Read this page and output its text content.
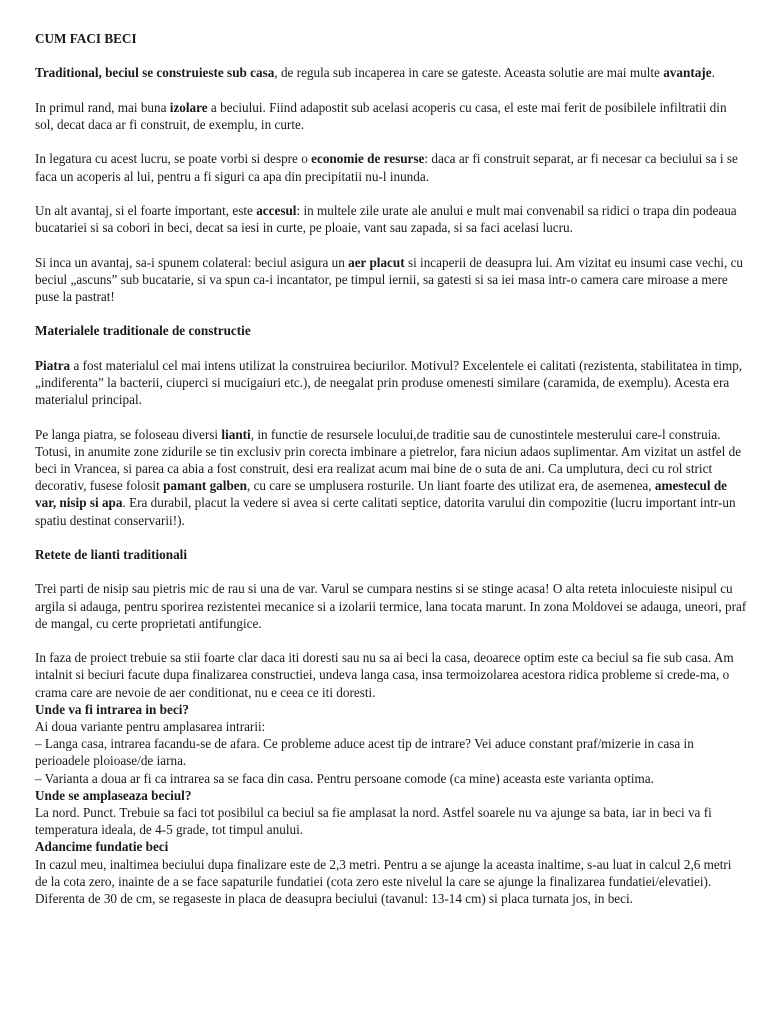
CUM FACI BECI

Traditional, beciul se construieste sub casa, de regula sub incaperea in care se gateste. Aceasta solutie are mai multe avantaje.

In primul rand, mai buna izolare a beciului. Fiind adapostit sub acelasi acoperis cu casa, el este mai ferit de posibilele infiltratii din sol, decat daca ar fi construit, de exemplu, in curte.

In legatura cu acest lucru, se poate vorbi si despre o economie de resurse: daca ar fi construit separat, ar fi necesar ca beciului sa i se faca un acoperis al lui, pentru a fi siguri ca apa din precipitatii nu-l inunda.

Un alt avantaj, si el foarte important, este accesul: in multele zile urate ale anului e mult mai convenabil sa ridici o trapa din podeaua bucatariei si sa cobori in beci, decat sa iesi in curte, pe ploaie, vant sau zapada, si sa faci acelasi lucru.

Si inca un avantaj, sa-i spunem colateral: beciul asigura un aer placut si incaperii de deasupra lui. Am vizitat eu insumi case vechi, cu beciul „ascuns” sub bucatarie, si va spun ca-i incantator, pe timpul iernii, sa gatesti si sa iei masa intr-o camera care miroase a mere puse la pastrat!

Materialele traditionale de constructie

Piatra a fost materialul cel mai intens utilizat la construirea beciurilor. Motivul? Excelentele ei calitati (rezistenta, stabilitatea in timp, „indiferenta” la bacterii, ciuperci si mucigaiuri etc.), de neegalat prin produse omenesti similare (caramida, de exemplu). Acesta era materialul principal.

Pe langa piatra, se foloseau diversi lianti, in functie de resursele locului,de traditie sau de cunostintele mesterului care-l construia. Totusi, in anumite zone zidurile se tin exclusiv prin corecta imbinare a pietrelor, fara niciun adaos suplimentar. Am vizitat un astfel de beci in Vrancea, si parea ca abia a fost construit, desi era realizat acum mai bine de o suta de ani. Ca umplutura, deci cu rol strict decorativ, fusese folosit pamant galben, cu care se umplusera rosturile. Un liant foarte des utilizat era, de asemenea, amestecul de var, nisip si apa. Era durabil, placut la vedere si avea si certe calitati septice, datorita varului din compozitie (lucru important intr-un spatiu destinat conservarii!).

Retete de lianti traditionali

Trei parti de nisip sau pietris mic de rau si una de var. Varul se cumpara nestins si se stinge acasa! O alta reteta inlocuieste nisipul cu argila si adauga, pentru sporirea rezistentei mecanice si a izolarii termice, lana tocata marunt. In zona Moldovei se adauga, uneori, praf de mangal, cu certe proprietati antifungice.

In faza de proiect trebuie sa stii foarte clar daca iti doresti sau nu sa ai beci la casa, deoarece optim este ca beciul sa fie sub casa. Am intalnit si beciuri facute dupa finalizarea constructiei, undeva langa casa, insa termoizolarea acestora ridica probleme si crede-ma, o crama care are nevoie de aer conditionat, nu e ceea ce iti doresti.

Unde va fi intrarea in beci?

Ai doua variante pentru amplasarea intrarii:

– Langa casa, intrarea facandu-se de afara. Ce probleme aduce acest tip de intrare? Vei aduce constant praf/mizerie in casa in perioadele ploioase/de iarna.

– Varianta a doua ar fi ca intrarea sa se faca din casa. Pentru persoane comode (ca mine) aceasta este varianta optima.

Unde se amplaseaza beciul?

La nord. Punct. Trebuie sa faci tot posibilul ca beciul sa fie amplasat la nord. Astfel soarele nu va ajunge sa bata, iar in beci va fi temperatura ideala, de 4-5 grade, tot timpul anului.

Adancime fundatie beci

In cazul meu, inaltimea beciului dupa finalizare este de 2,3 metri. Pentru a se ajunge la aceasta inaltime, s-au luat in calcul 2,6 metri de la cota zero, inainte de a se face sapaturile fundatiei (cota zero este nivelul la care se ajunge la finalizarea fundatiei/elevatiei). Diferenta de 30 de cm, se regaseste in placa de deasupra beciului (tavanul: 13-14 cm) si placa turnata jos, in beci.
